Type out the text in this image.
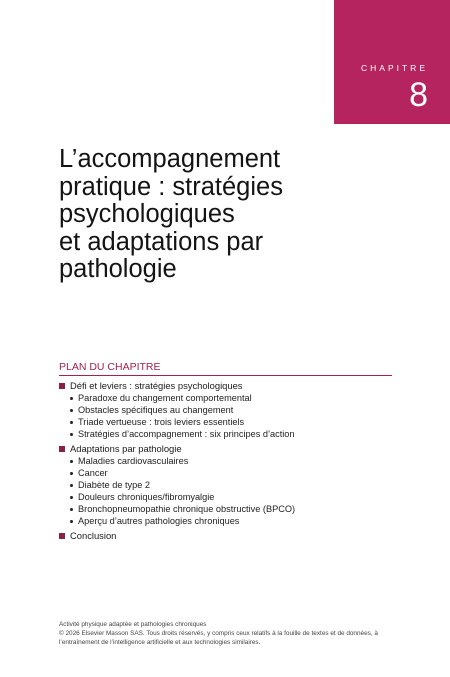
CHAPITRE
8
L’accompagnement
pratique : stratégies
psychologiques
et adaptations par
pathologie
PLAN DU CHAPITRE
Défi et leviers : stratégies psychologiques
Paradoxe du changement comportemental
Obstacles spécifiques au changement
Triade vertueuse : trois leviers essentiels
Stratégies d’accompagnement : six principes d’action
Adaptations par pathologie
Maladies cardiovasculaires
Cancer
Diabète de type 2
Douleurs chroniques/fibromyalgie
Bronchopneumopathie chronique obstructive (BPCO)
Aperçu d’autres pathologies chroniques
Conclusion
Activité physique adaptée et pathologies chroniques
© 2026 Elsevier Masson SAS. Tous droits réservés, y compris ceux relatifs à la fouille de textes et de données, à l’entraînement de l’intelligence artificielle et aux technologies similaires.
